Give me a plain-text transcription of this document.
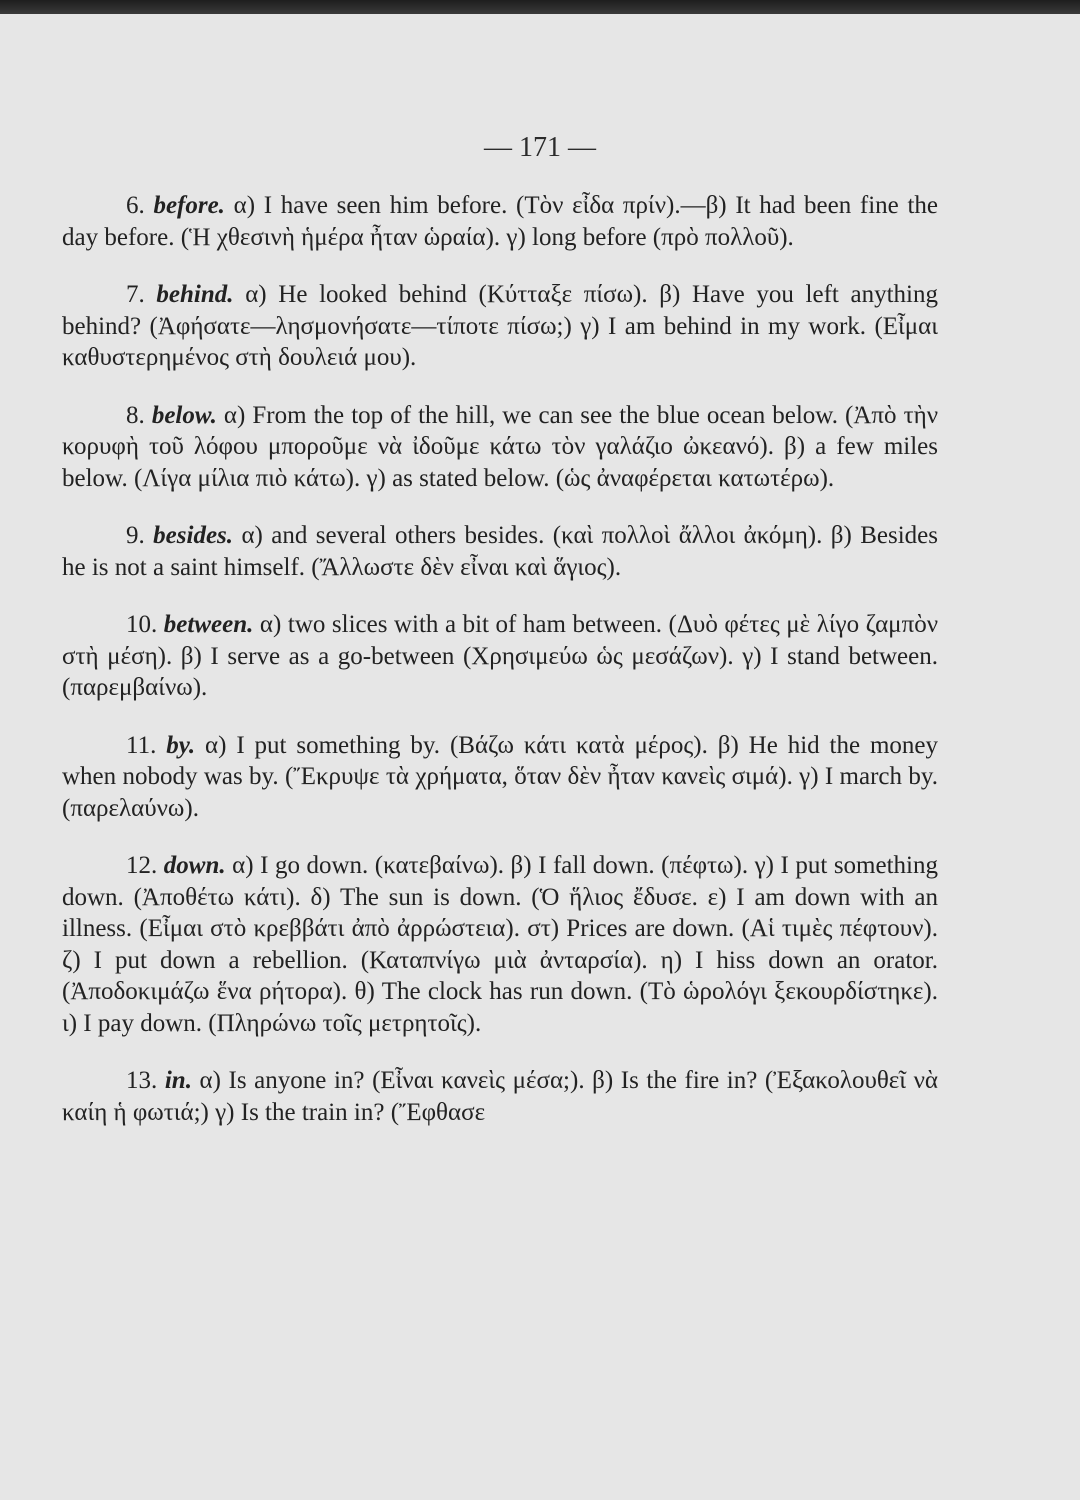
— 171 —

6. before. α) I have seen him before. (Τὸν εἶδα πρίν).—β) It had been fine the day before. (Ἡ χθεσινὴ ἡμέρα ἦταν ὡραία). γ) long before (πρὸ πολλοῦ).

7. behind. α) He looked behind (Κύτταξε πίσω). β) Have you left anything behind? (Ἀφήσατε—λησμονήσατε—τίποτε πίσω;) γ) I am behind in my work. (Εἶμαι καθυστερημένος στὴ δουλειά μου).

8. below. α) From the top of the hill, we can see the blue ocean below. (Ἀπὸ τὴν κορυφὴ τοῦ λόφου μποροῦμε νὰ ἰδοῦμε κάτω τὸν γαλάζιο ὠκεανό). β) a few miles below. (Λίγα μίλια πιὸ κάτω). γ) as stated below. (ὡς ἀναφέρεται κατωτέρω).

9. besides. α) and several others besides. (καὶ πολλοὶ ἄλλοι ἀκόμη). β) Besides he is not a saint himself. (Ἄλλωστε δὲν εἶναι καὶ ἅγιος).

10. between. α) two slices with a bit of ham between. (Δυὸ φέτες μὲ λίγο ζαμπὸν στὴ μέση). β) I serve as a go-between (Χρησιμεύω ὡς μεσάζων). γ) I stand between. (παρεμβαίνω).

11. by. α) I put something by. (Βάζω κάτι κατὰ μέρος). β) He hid the money when nobody was by. (Ἔκρυψε τὰ χρήματα, ὅταν δὲν ἦταν κανεὶς σιμά). γ) I march by. (παρελαύνω).

12. down. α) I go down. (κατεβαίνω). β) I fall down. (πέφτω). γ) I put something down. (Ἀποθέτω κάτι). δ) The sun is down. (Ὁ ἥλιος ἔδυσε. ε) I am down with an illness. (Εἶμαι στὸ κρεββάτι ἀπὸ ἀρρώστεια). στ) Prices are down. (Αἱ τιμὲς πέφτουν). ζ) I put down a rebellion. (Καταπνίγω μιὰ ἀνταρσία). η) I hiss down an orator. (Ἀποδοκιμάζω ἕνα ρήτορα). θ) The clock has run down. (Τὸ ὡρολόγι ξεκουρδίστηκε). ι) I pay down. (Πληρώνω τοῖς μετρητοῖς).

13. in. α) Is anyone in? (Εἶναι κανεὶς μέσα;). β) Is the fire in? (Ἐξακολουθεῖ νὰ καίη ἡ φωτιά;) γ) Is the train in? (Ἔφθασε
